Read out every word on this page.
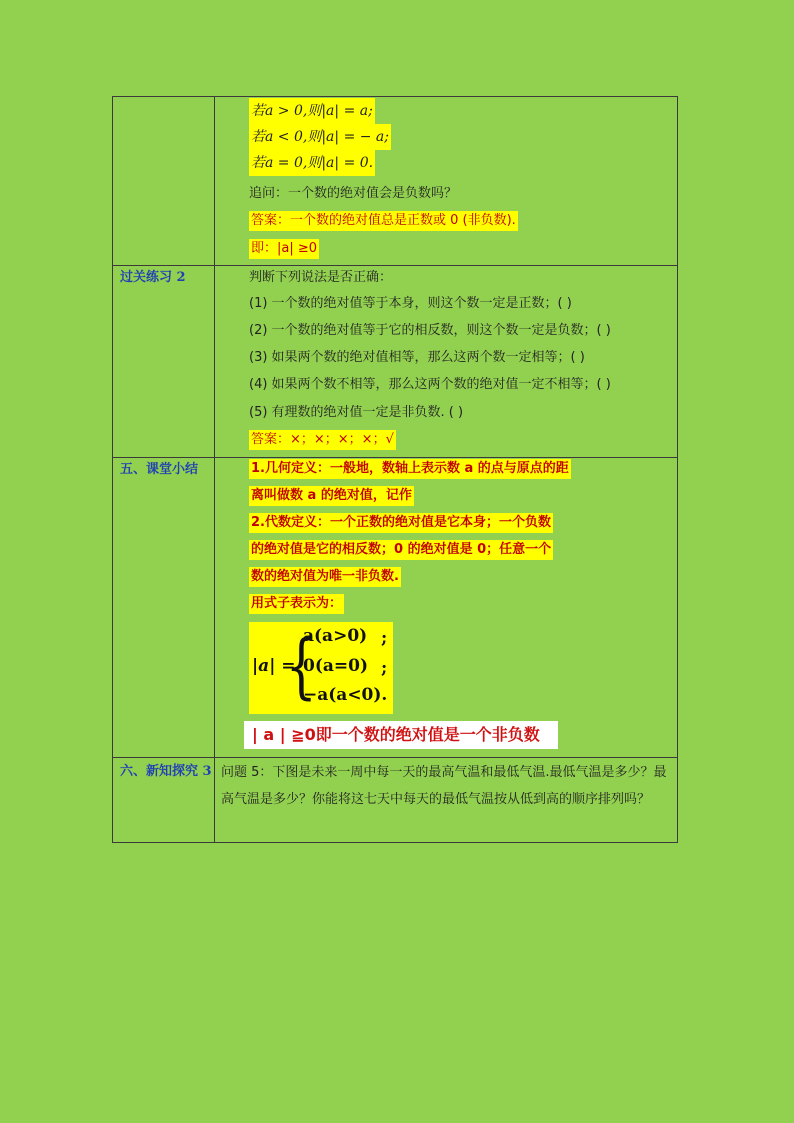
若a > 0,则|a| = a;
若a < 0,则|a| = − a;
若a = 0,则|a| = 0.
追问：一个数的绝对值会是负数吗？
答案：一个数的绝对值总是正数或 0 (非负数).
即：|a| ≥0
过关练习 2	判断下列说法是否正确：
(1) 一个数的绝对值等于本身，则这个数一定是正数；( )
(2) 一个数的绝对值等于它的相反数，则这个数一定是负数；( )
(3) 如果两个数的绝对值相等，那么这两个数一定相等；( )
(4) 如果两个数不相等，那么这两个数的绝对值一定不相等；( )
(5) 有理数的绝对值一定是非负数. ( )
答案：×；×；×；×；√
五、课堂小结	1.几何定义：一般地，数轴上表示数 a 的点与原点的距
离叫做数 a 的绝对值，记作
2.代数定义：一个正数的绝对值是它本身；一个负数
的绝对值是它的相反数；0 的绝对值是 0；任意一个
数的绝对值为唯一非负数.
用式子表示为：
|a| =
{
a(a>0) ;
0(a=0) ;
−a(a<0).
| a | ≧0即一个数的绝对值是一个非负数
六、新知探究 3 问题 5：下图是未来一周中每一天的最高气温和最低气温.最低气温是多少？最高气温是多少？你能将这七天中每天的最低气温按从低到高的顺序排列吗？
